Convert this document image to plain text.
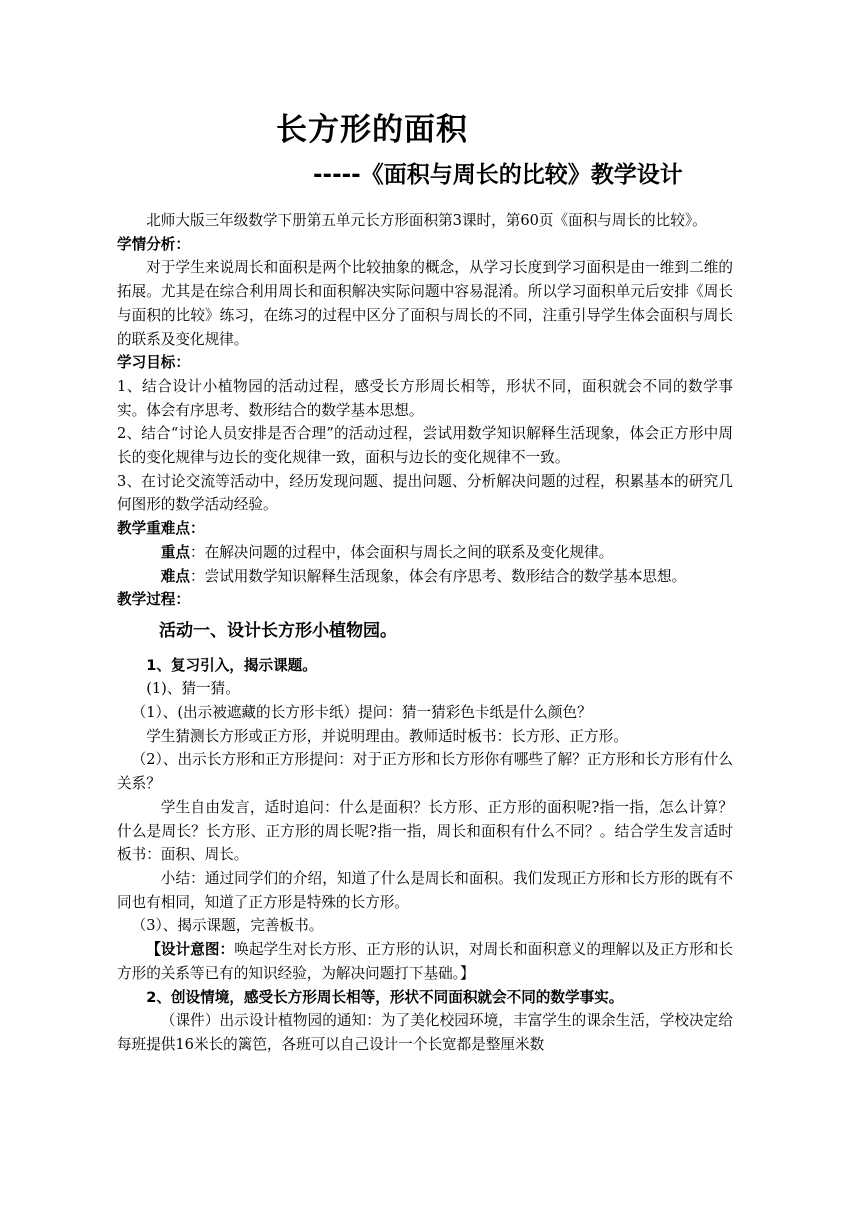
长方形的面积
-----《面积与周长的比较》教学设计

北师大版三年级数学下册第五单元长方形面积第3课时，第60页《面积与周长的比较》。

学情分析：

对于学生来说周长和面积是两个比较抽象的概念，从学习长度到学习面积是由一维到二维的拓展。尤其是在综合利用周长和面积解决实际问题中容易混淆。所以学习面积单元后安排《周长与面积的比较》练习，在练习的过程中区分了面积与周长的不同，注重引导学生体会面积与周长的联系及变化规律。

学习目标：

1、结合设计小植物园的活动过程，感受长方形周长相等，形状不同，面积就会不同的数学事实。体会有序思考、数形结合的数学基本思想。

2、结合“讨论人员安排是否合理”的活动过程，尝试用数学知识解释生活现象，体会正方形中周长的变化规律与边长的变化规律一致，面积与边长的变化规律不一致。

3、在讨论交流等活动中，经历发现问题、提出问题、分析解决问题的过程，积累基本的研究几何图形的数学活动经验。

教学重难点：

重点：在解决问题的过程中，体会面积与周长之间的联系及变化规律。

难点：尝试用数学知识解释生活现象，体会有序思考、数形结合的数学基本思想。

教学过程：

活动一、设计长方形小植物园。

1、复习引入，揭示课题。

(1)、猜一猜。

（1）、(出示被遮藏的长方形卡纸）提问：猜一猜彩色卡纸是什么颜色？

学生猜测长方形或正方形，并说明理由。教师适时板书：长方形、正方形。

（2）、出示长方形和正方形提问：对于正方形和长方形你有哪些了解？正方形和长方形有什么关系？

学生自由发言，适时追问：什么是面积？长方形、正方形的面积呢?指一指，怎么计算？什么是周长？长方形、正方形的周长呢?指一指，周长和面积有什么不同？。结合学生发言适时板书：面积、周长。

小结：通过同学们的介绍，知道了什么是周长和面积。我们发现正方形和长方形的既有不同也有相同，知道了正方形是特殊的长方形。

（3）、揭示课题，完善板书。

【设计意图：唤起学生对长方形、正方形的认识，对周长和面积意义的理解以及正方形和长方形的关系等已有的知识经验，为解决问题打下基础。】

2、创设情境，感受长方形周长相等，形状不同面积就会不同的数学事实。

（课件）出示设计植物园的通知：为了美化校园环境，丰富学生的课余生活，学校决定给每班提供16米长的篱笆，各班可以自己设计一个长宽都是整厘米数
